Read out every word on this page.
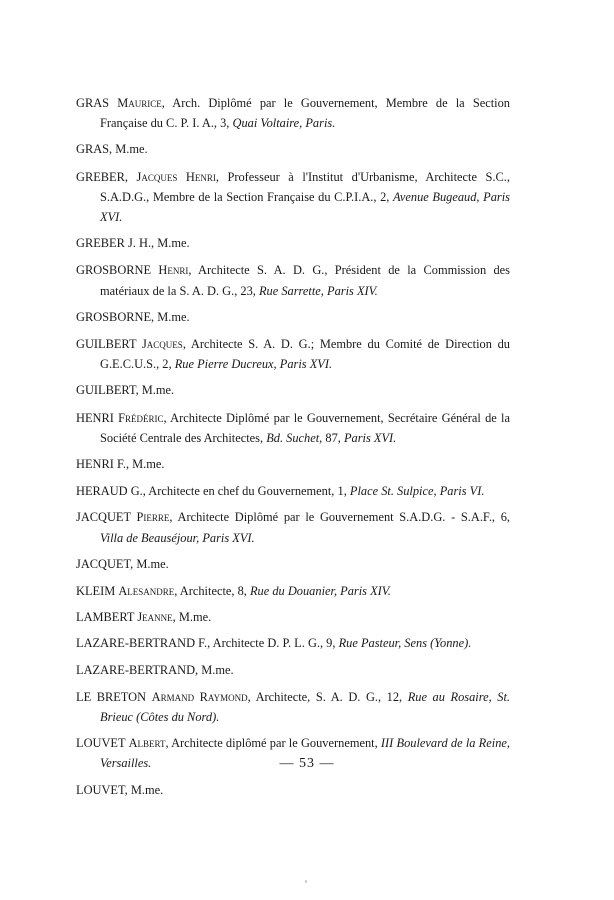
GRAS Maurice, Arch. Diplômé par le Gouvernement, Membre de la Section Française du C. P. I. A., 3, Quai Voltaire, Paris.

GRAS, M.me.

GREBER, Jacques Henri, Professeur à l'Institut d'Urbanisme, Architecte S.C., S.A.D.G., Membre de la Section Française du C.P.I.A., 2, Avenue Bugeaud, Paris XVI.

GREBER J. H., M.me.

GROSBORNE Henri, Architecte S. A. D. G., Président de la Commission des matériaux de la S. A. D. G., 23, Rue Sarrette, Paris XIV.

GROSBORNE, M.me.

GUILBERT Jacques, Architecte S. A. D. G.; Membre du Comité de Direction du G.E.C.U.S., 2, Rue Pierre Ducreux, Paris XVI.

GUILBERT, M.me.

HENRI Frédéric, Architecte Diplômé par le Gouvernement, Secrétaire Général de la Société Centrale des Architectes, Bd. Suchet, 87, Paris XVI.

HENRI F., M.me.

HERAUD G., Architecte en chef du Gouvernement, 1, Place St. Sulpice, Paris VI.

JACQUET Pierre, Architecte Diplômé par le Gouvernement S.A.D.G. - S.A.F., 6, Villa de Beauséjour, Paris XVI.

JACQUET, M.me.

KLEIM Alesandre, Architecte, 8, Rue du Douanier, Paris XIV.

LAMBERT Jeanne, M.me.

LAZARE-BERTRAND F., Architecte D. P. L. G., 9, Rue Pasteur, Sens (Yonne).

LAZARE-BERTRAND, M.me.

LE BRETON Armand Raymond, Architecte, S. A. D. G., 12, Rue au Rosaire, St. Brieuc (Côtes du Nord).

LOUVET Albert, Architecte diplômé par le Gouvernement, III Boulevard de la Reine, Versailles.

LOUVET, M.me.

— 53 —
